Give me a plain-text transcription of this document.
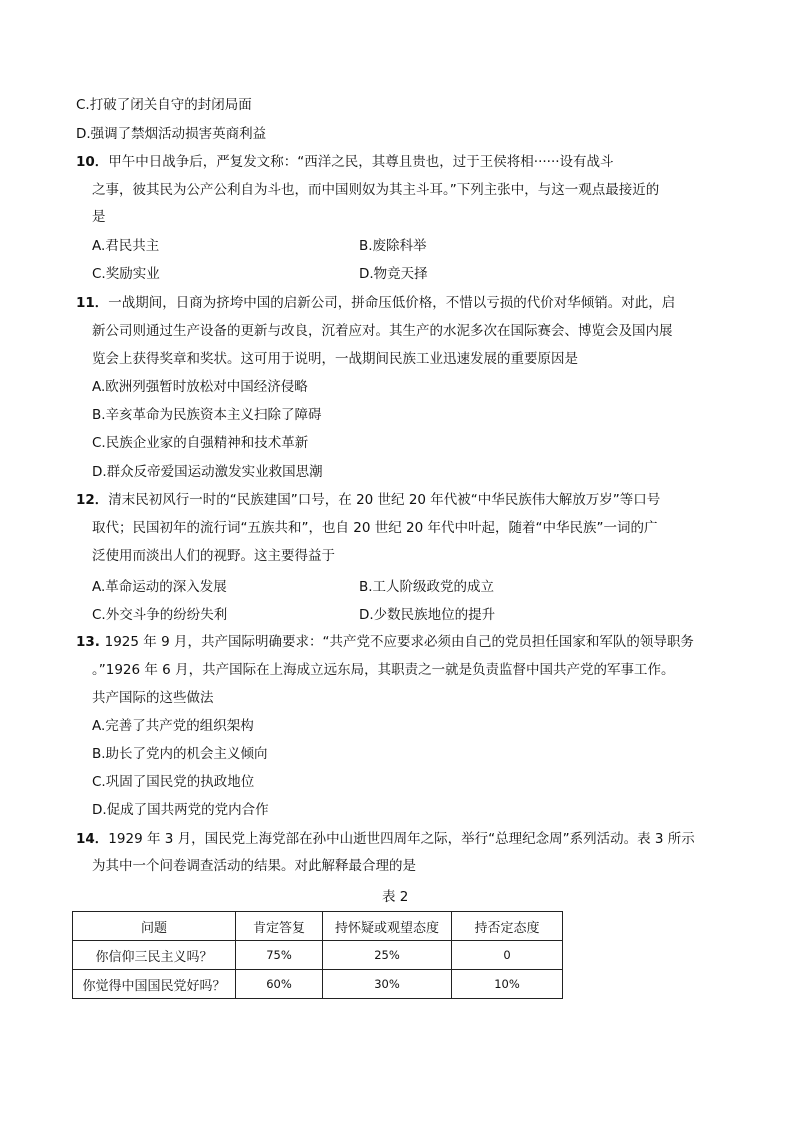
C.打破了闭关自守的封闭局面
D.强调了禁烟活动损害英商利益
10．甲午中日战争后，严复发文称：“西洋之民，其尊且贵也，过于王侯将相······设有战斗
之事，彼其民为公产公利自为斗也，而中国则奴为其主斗耳。”下列主张中，与这一观点最接近的
是
A.君民共主	B.废除科举
C.奖励实业	D.物竞天择
11．一战期间，日商为挤垮中国的启新公司，拼命压低价格，不惜以亏损的代价对华倾销。对此，启
新公司则通过生产设备的更新与改良，沉着应对。其生产的水泥多次在国际赛会、博览会及国内展
览会上获得奖章和奖状。这可用于说明，一战期间民族工业迅速发展的重要原因是
A.欧洲列强暂时放松对中国经济侵略
B.辛亥革命为民族资本主义扫除了障碍
C.民族企业家的自强精神和技术革新
D.群众反帝爱国运动激发实业救国思潮
12．清末民初风行一时的“民族建国”口号，在 20 世纪 20 年代被“中华民族伟大解放万岁”等口号
取代；民国初年的流行词“五族共和”，也自 20 世纪 20 年代中叶起，随着“中华民族”一词的广
泛使用而淡出人们的视野。这主要得益于
A.革命运动的深入发展	B.工人阶级政党的成立
C.外交斗争的纷纷失利	D.少数民族地位的提升
13. 1925 年 9 月，共产国际明确要求：“共产党不应要求必须由自己的党员担任国家和军队的领导职务
。”1926 年 6 月，共产国际在上海成立远东局，其职责之一就是负责监督中国共产党的军事工作。
共产国际的这些做法
A.完善了共产党的组织架构
B.助长了党内的机会主义倾向
C.巩固了国民党的执政地位
D.促成了国共两党的党内合作
14．1929 年 3 月，国民党上海党部在孙中山逝世四周年之际，举行“总理纪念周”系列活动。表 3 所示
为其中一个问卷调查活动的结果。对此解释最合理的是
表 2
问题	肯定答复	持怀疑或观望态度	持否定态度
你信仰三民主义吗？	75%	25%	0
你觉得中国国民党好吗？	60%	30%	10%
